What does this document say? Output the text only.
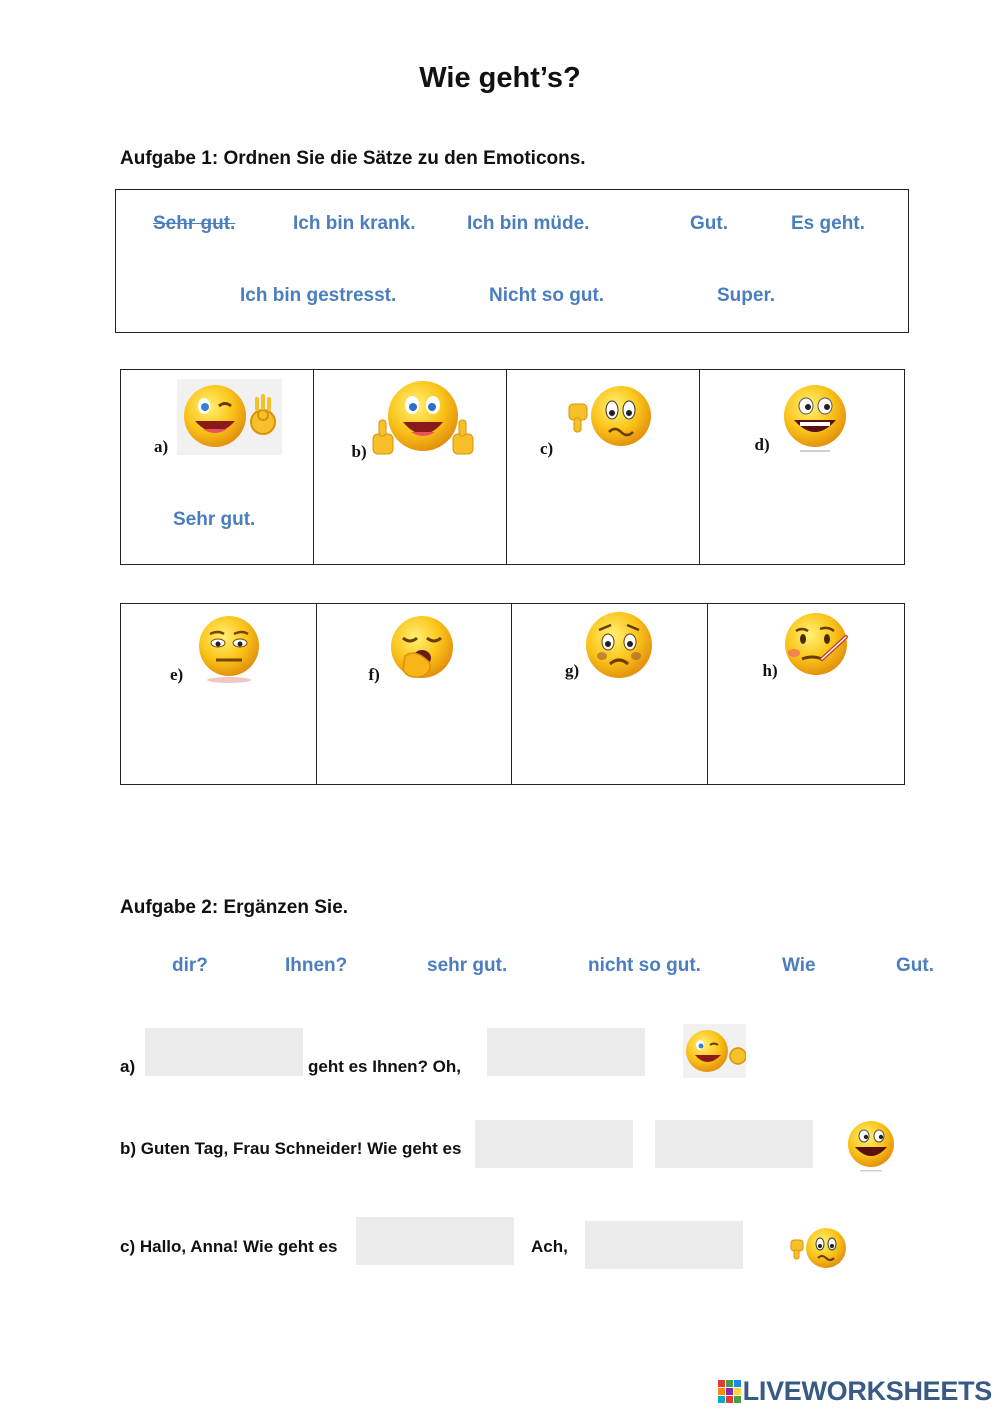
Wie geht’s?
Aufgabe 1: Ordnen Sie die Sätze zu den Emoticons.
Sehr gut.	Ich bin krank.	Ich bin müde.	Gut.	Es geht.
Ich bin gestresst.	Nicht so gut.	Super.
a)
Sehr gut.
b)	c)	d)
e)	f)	g)	h)
Aufgabe 2: Ergänzen Sie.
dir?	Ihnen?	sehr gut.	nicht so gut.	Wie	Gut.
a)	geht es Ihnen? Oh,
b) Guten Tag, Frau Schneider! Wie geht es
c) Hallo, Anna! Wie geht es	Ach,
LIVEWORKSHEETS
